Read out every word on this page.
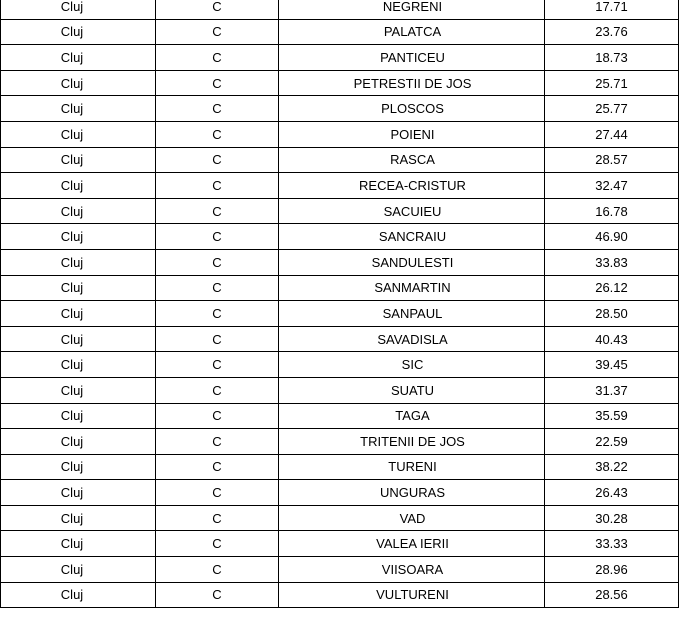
Cluj	C	NEGRENI	17.71
Cluj	C	PALATCA	23.76
Cluj	C	PANTICEU	18.73
Cluj	C	PETRESTII DE JOS	25.71
Cluj	C	PLOSCOS	25.77
Cluj	C	POIENI	27.44
Cluj	C	RASCA	28.57
Cluj	C	RECEA-CRISTUR	32.47
Cluj	C	SACUIEU	16.78
Cluj	C	SANCRAIU	46.90
Cluj	C	SANDULESTI	33.83
Cluj	C	SANMARTIN	26.12
Cluj	C	SANPAUL	28.50
Cluj	C	SAVADISLA	40.43
Cluj	C	SIC	39.45
Cluj	C	SUATU	31.37
Cluj	C	TAGA	35.59
Cluj	C	TRITENII DE JOS	22.59
Cluj	C	TURENI	38.22
Cluj	C	UNGURAS	26.43
Cluj	C	VAD	30.28
Cluj	C	VALEA IERII	33.33
Cluj	C	VIISOARA	28.96
Cluj	C	VULTURENI	28.56
